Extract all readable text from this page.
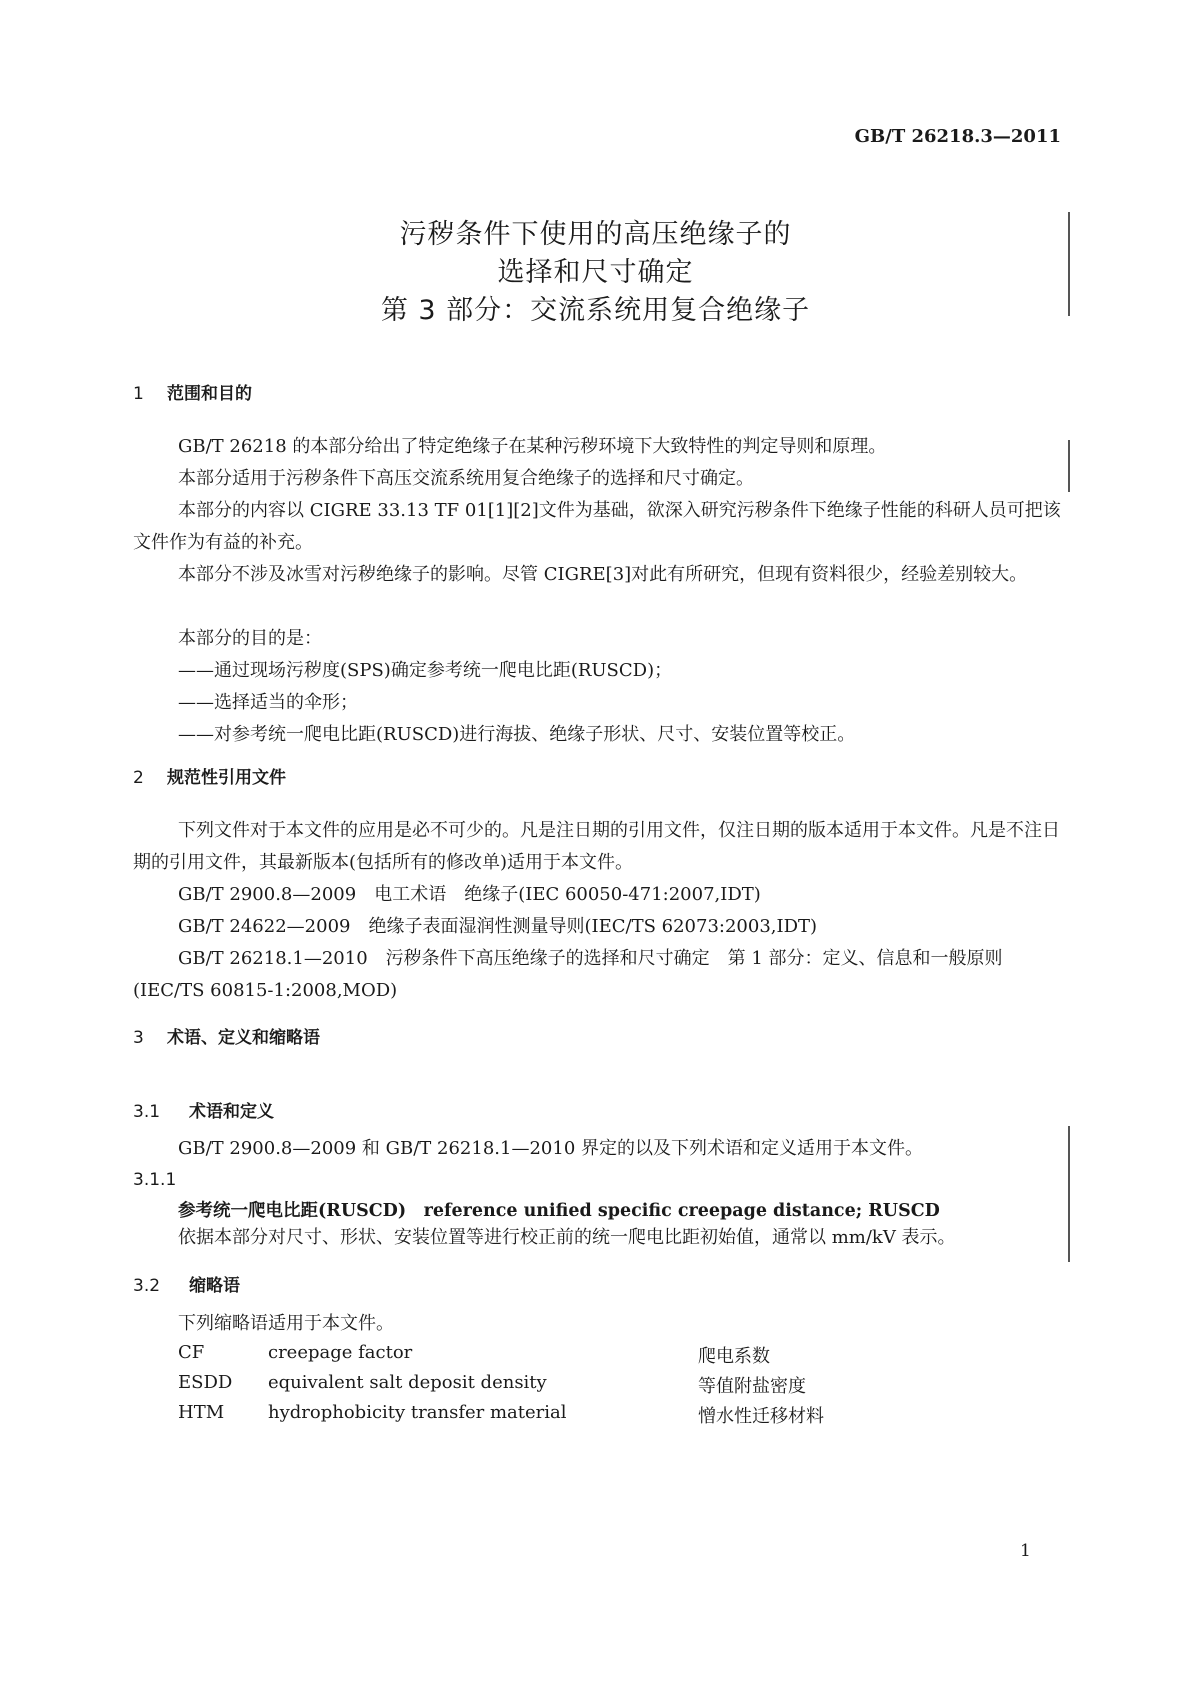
GB/T 26218.3—2011
污秽条件下使用的高压绝缘子的
选择和尺寸确定
第 3 部分：交流系统用复合绝缘子
1 范围和目的
GB/T 26218 的本部分给出了特定绝缘子在某种污秽环境下大致特性的判定导则和原理。
本部分适用于污秽条件下高压交流系统用复合绝缘子的选择和尺寸确定。
本部分的内容以 CIGRE 33.13 TF 01[1][2]文件为基础，欲深入研究污秽条件下绝缘子性能的科研人员可把该文件作为有益的补充。
本部分不涉及冰雪对污秽绝缘子的影响。尽管 CIGRE[3]对此有所研究，但现有资料很少，经验差别较大。
本部分的目的是：
——通过现场污秽度(SPS)确定参考统一爬电比距(RUSCD)；
——选择适当的伞形；
——对参考统一爬电比距(RUSCD)进行海拔、绝缘子形状、尺寸、安装位置等校正。
2 规范性引用文件
下列文件对于本文件的应用是必不可少的。凡是注日期的引用文件，仅注日期的版本适用于本文件。凡是不注日期的引用文件，其最新版本(包括所有的修改单)适用于本文件。
GB/T 2900.8—2009　电工术语　绝缘子(IEC 60050-471:2007,IDT)
GB/T 24622—2009　绝缘子表面湿润性测量导则(IEC/TS 62073:2003,IDT)
GB/T 26218.1—2010　污秽条件下高压绝缘子的选择和尺寸确定　第 1 部分：定义、信息和一般原则(IEC/TS 60815-1:2008,MOD)
3 术语、定义和缩略语
3.1 术语和定义
GB/T 2900.8—2009 和 GB/T 26218.1—2010 界定的以及下列术语和定义适用于本文件。
3.1.1
参考统一爬电比距(RUSCD)　reference unified specific creepage distance; RUSCD
依据本部分对尺寸、形状、安装位置等进行校正前的统一爬电比距初始值，通常以 mm/kV 表示。
3.2 缩略语
下列缩略语适用于本文件。
CF	creepage factor	爬电系数
ESDD equivalent salt deposit density	等值附盐密度
HTM hydrophobicity transfer material	憎水性迁移材料
1
